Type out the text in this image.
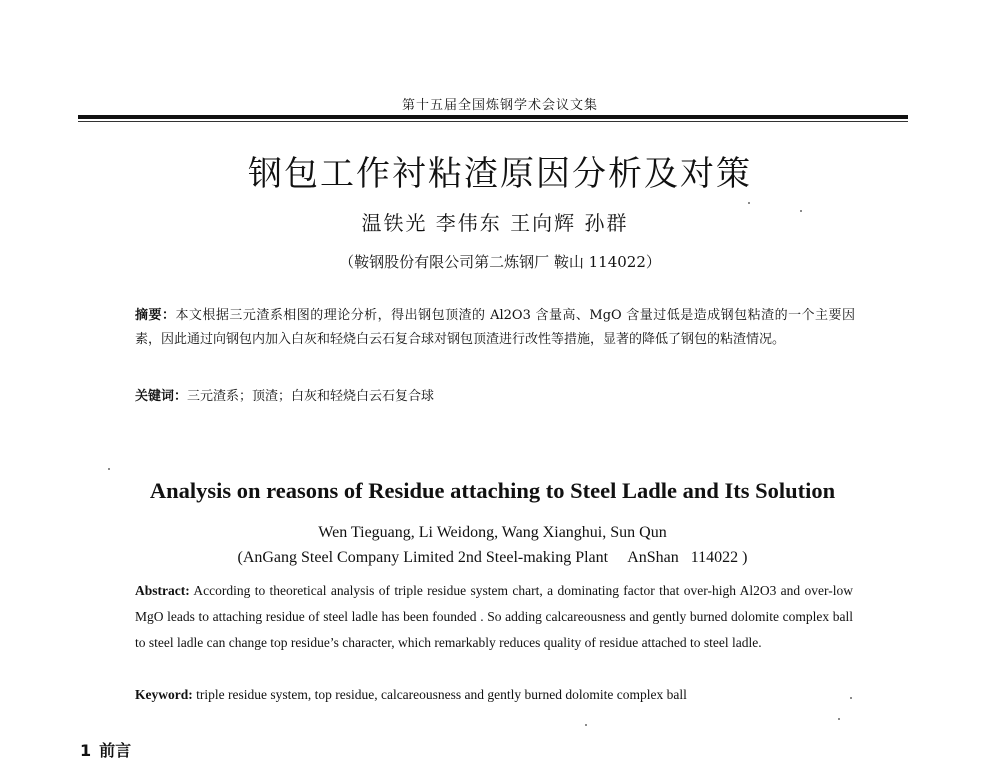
第十五届全国炼钢学术会议文集
钢包工作衬粘渣原因分析及对策
温铁光 李伟东 王向辉 孙群
（鞍钢股份有限公司第二炼钢厂 鞍山 114022）
摘要：本文根据三元渣系相图的理论分析，得出钢包顶渣的 Al2O3 含量高、MgO 含量过低是造成钢包粘渣的一个主要因素，因此通过向钢包内加入白灰和轻烧白云石复合球对钢包顶渣进行改性等措施，显著的降低了钢包的粘渣情况。
关键词：三元渣系；顶渣；白灰和轻烧白云石复合球
Analysis on reasons of Residue attaching to Steel Ladle and Its Solution
Wen Tieguang, Li Weidong, Wang Xianghui, Sun Qun
(AnGang Steel Company Limited 2nd Steel-making Plant     AnShan   114022 )
Abstract: According to theoretical analysis of triple residue system chart, a dominating factor that over-high Al2O3 and over-low MgO leads to attaching residue of steel ladle has been founded . So adding calcareousness and gently burned dolomite complex ball to steel ladle can change top residue’s character, which remarkably reduces quality of residue attached to steel ladle.
Keyword: triple residue system, top residue, calcareousness and gently burned dolomite complex ball
1 前言
